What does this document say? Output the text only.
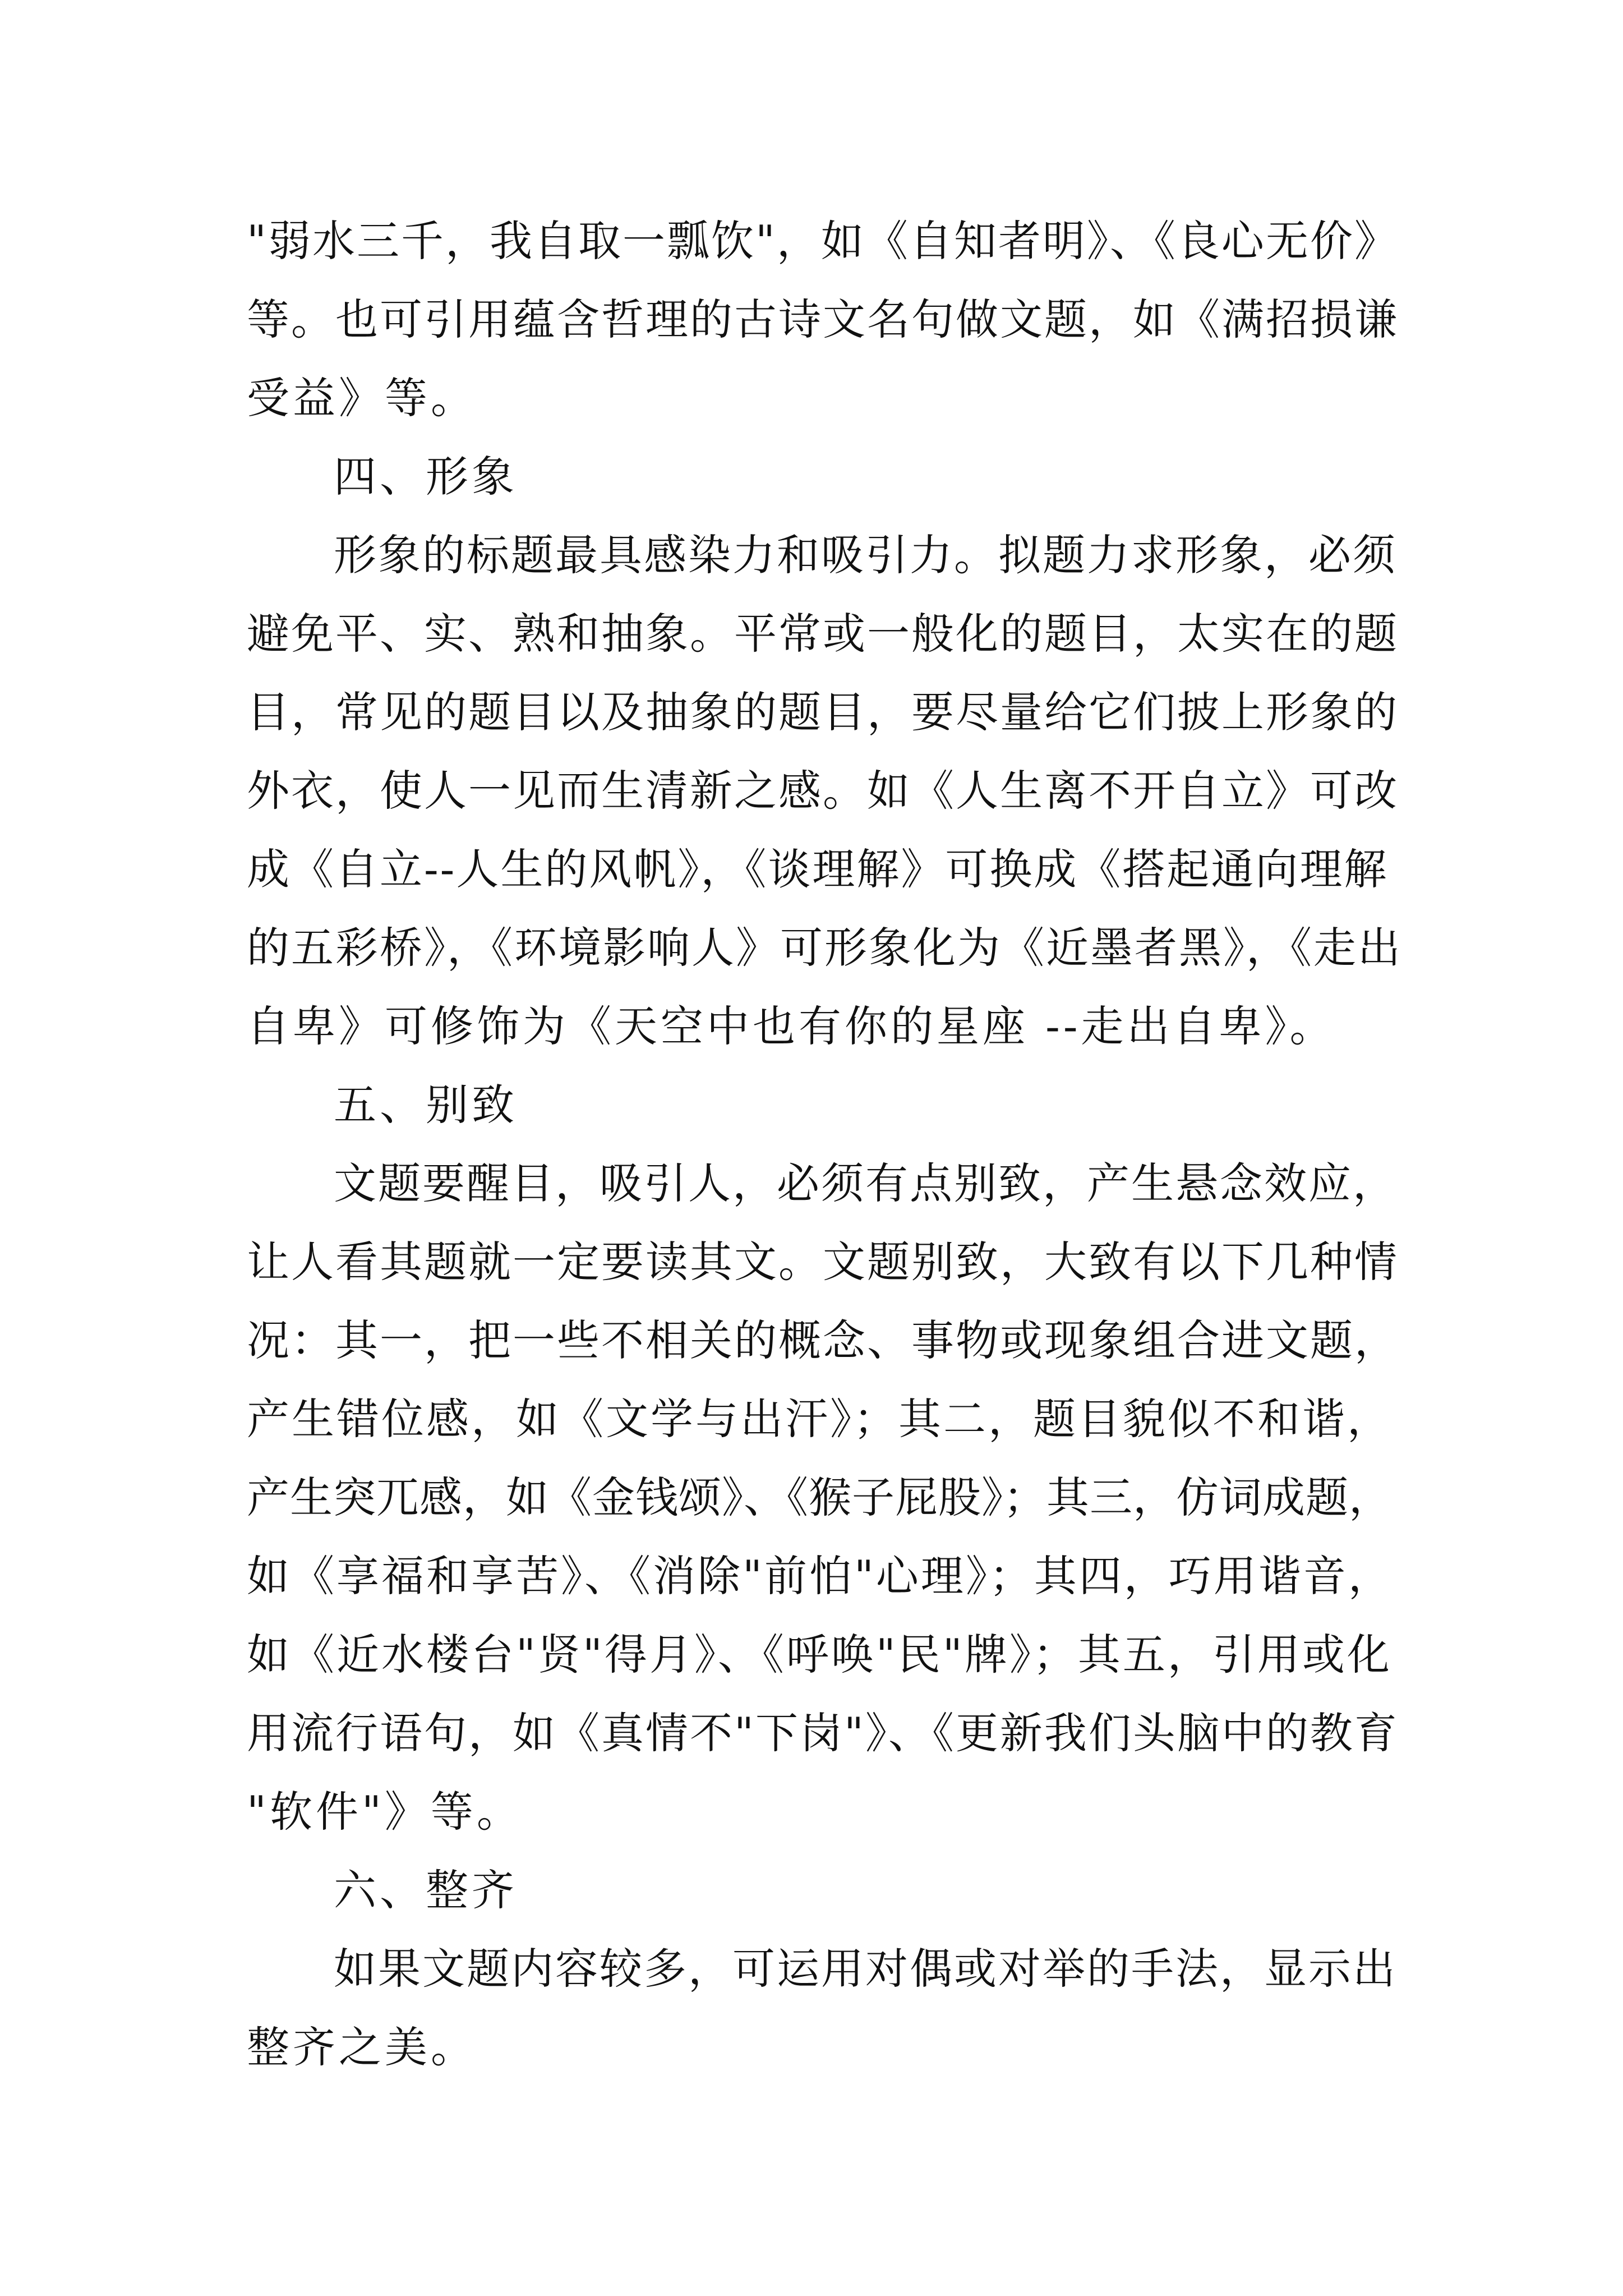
"弱水三千，我自取一瓢饮"，如《自知者明》、《良心无价》

等。也可引用蕴含哲理的古诗文名句做文题，如《满招损谦

受益》等。

四、形象

形象的标题最具感染力和吸引力。拟题力求形象，必须

避免平、实、熟和抽象。平常或一般化的题目，太实在的题

目，常见的题目以及抽象的题目，要尽量给它们披上形象的

外衣，使人一见而生清新之感。如《人生离不开自立》可改

成《自立--人生的风帆》，《谈理解》可换成《搭起通向理解

的五彩桥》，《环境影响人》可形象化为《近墨者黑》，《走出

自卑》可修饰为《天空中也有你的星座 --走出自卑》。

五、别致

文题要醒目，吸引人，必须有点别致，产生悬念效应，

让人看其题就一定要读其文。文题别致，大致有以下几种情

况：其一，把一些不相关的概念、事物或现象组合进文题，

产生错位感，如《文学与出汗》；其二，题目貌似不和谐，

产生突兀感，如《金钱颂》、《猴子屁股》；其三，仿词成题，

如《享福和享苦》、《消除"前怕"心理》；其四，巧用谐音，

如《近水楼台"贤"得月》、《呼唤"民"牌》；其五，引用或化

用流行语句，如《真情不"下岗"》、《更新我们头脑中的教育

"软件"》等。

六、整齐

如果文题内容较多，可运用对偶或对举的手法，显示出

整齐之美。
